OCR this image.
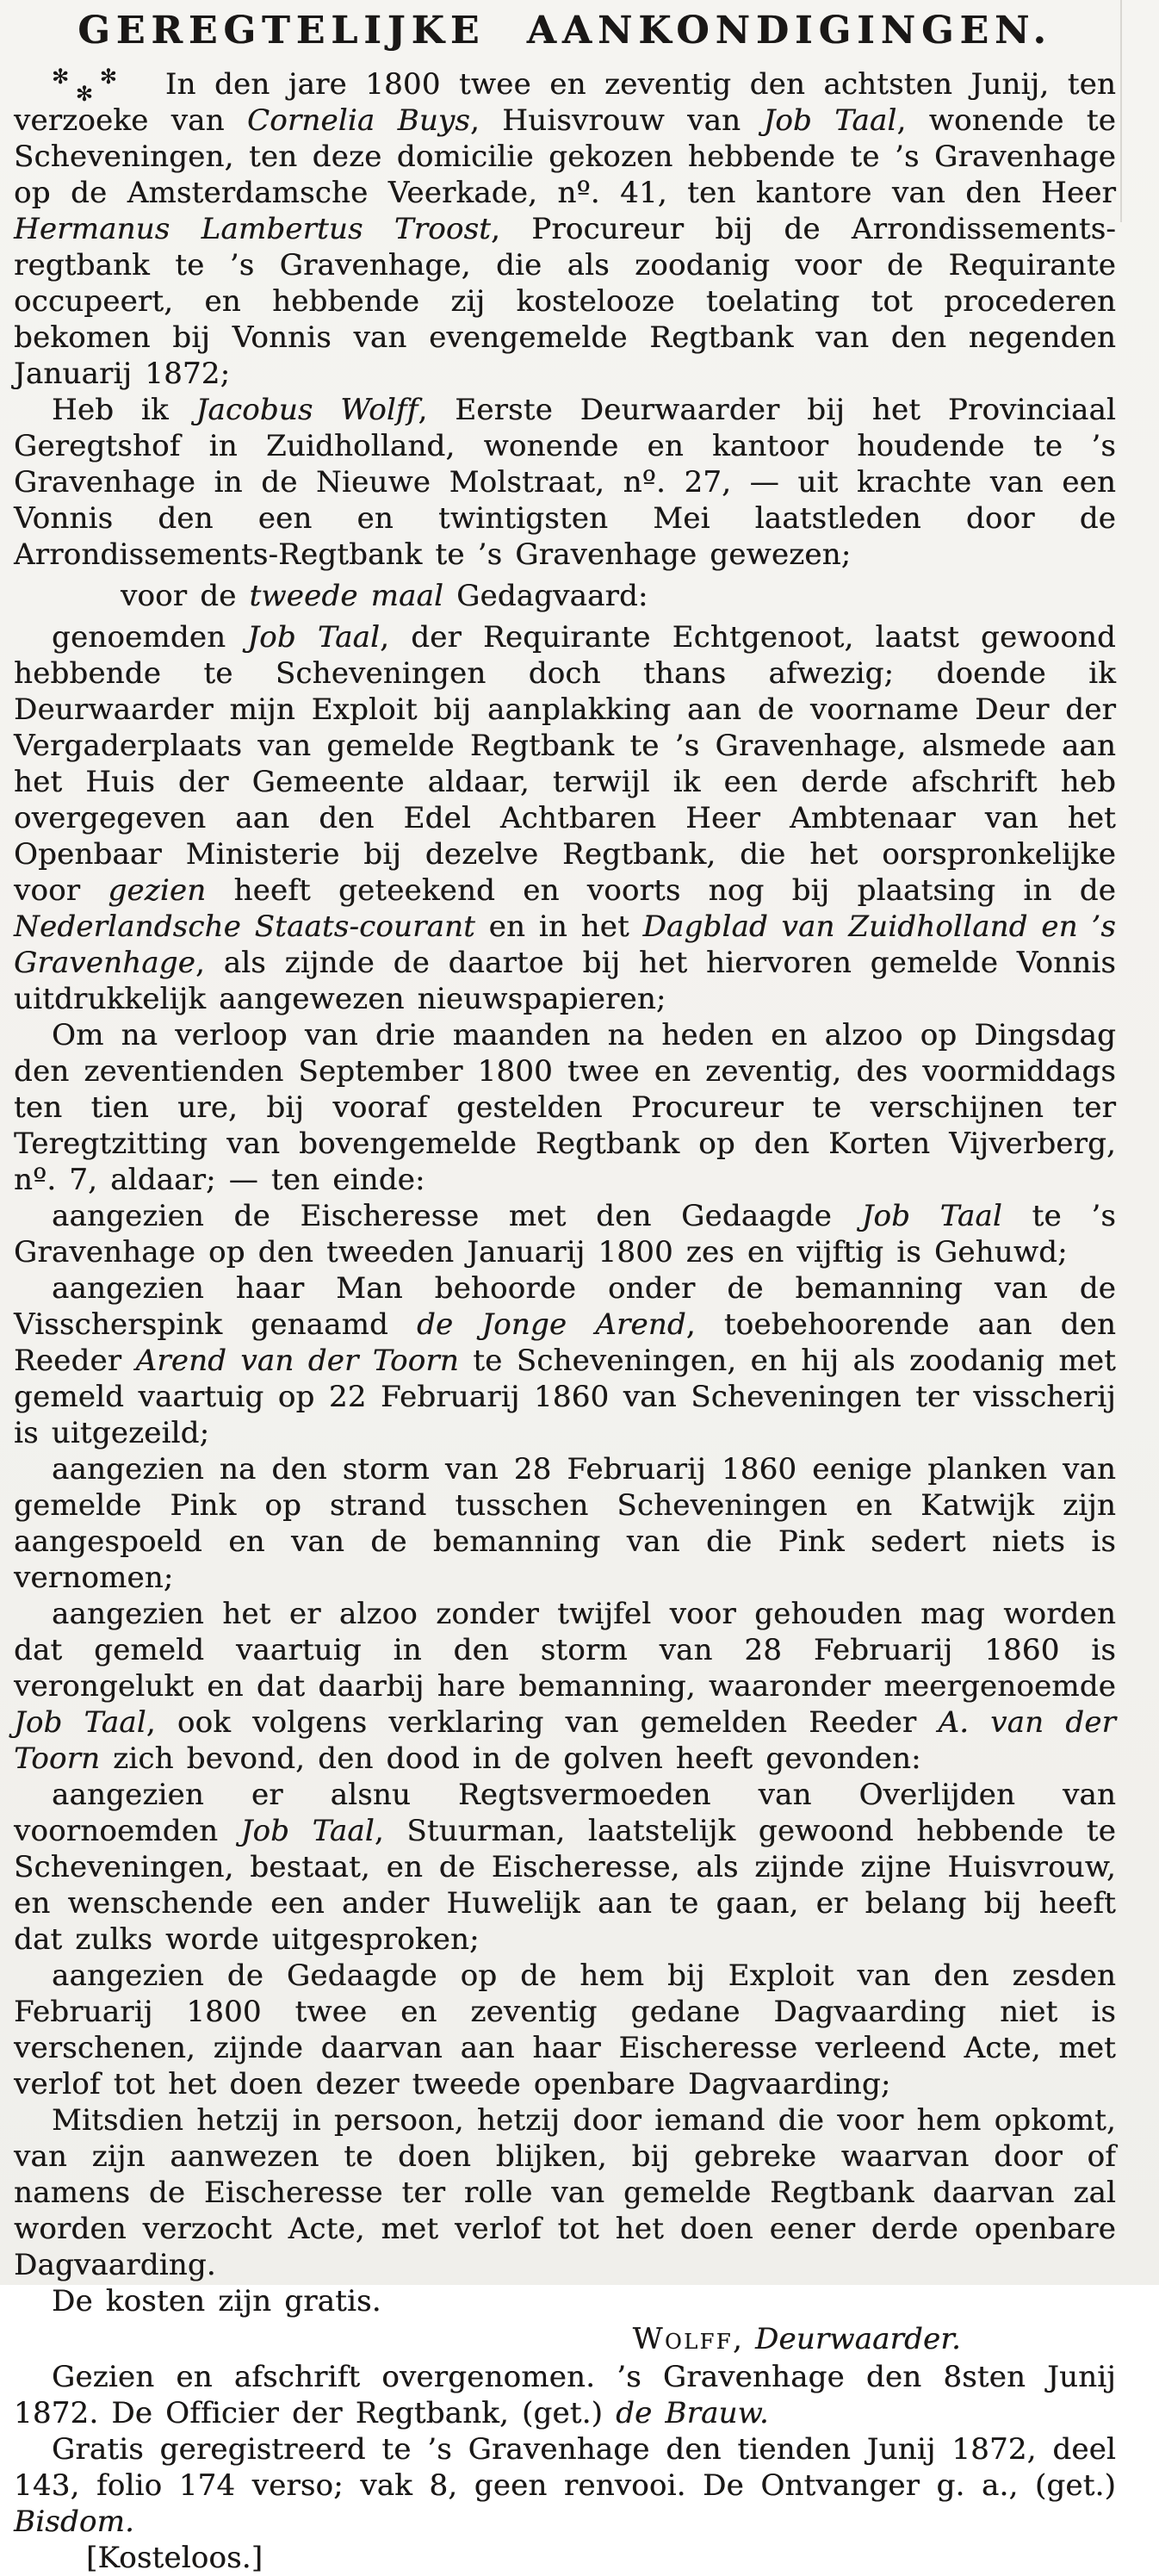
GEREGTELIJKE AANKONDIGINGEN.

✻ ✻
✻	In den jare 1800 twee en zeventig den achtsten Junij, ten verzoeke van Cornelia Buys, Huisvrouw van Job Taal, wonende te Scheveningen, ten deze domicilie gekozen hebbende te ’s Gravenhage op de Amsterdamsche Veerkade, nº. 41, ten kantore van den Heer Hermanus Lambertus Troost, Procureur bij de Arrondissements-regtbank te ’s Gravenhage, die als zoodanig voor de Requirante occupeert, en hebbende zij kostelooze toelating tot procederen bekomen bij Vonnis van evengemelde Regtbank van den negenden Januarij 1872;

Heb ik Jacobus Wolff, Eerste Deurwaarder bij het Provinciaal Geregtshof in Zuidholland, wonende en kantoor houdende te ’s Gravenhage in de Nieuwe Molstraat, nº. 27, — uit krachte van een Vonnis den een en twintigsten Mei laatstleden door de Arrondissements-Regtbank te ’s Gravenhage gewezen;

voor de tweede maal Gedagvaard:

genoemden Job Taal, der Requirante Echtgenoot, laatst gewoond hebbende te Scheveningen doch thans afwezig; doende ik Deurwaarder mijn Exploit bij aanplakking aan de voorname Deur der Vergaderplaats van gemelde Regtbank te ’s Gravenhage, alsmede aan het Huis der Gemeente aldaar, terwijl ik een derde afschrift heb overgegeven aan den Edel Achtbaren Heer Ambtenaar van het Openbaar Ministerie bij dezelve Regtbank, die het oorspronkelijke voor gezien heeft geteekend en voorts nog bij plaatsing in de Nederlandsche Staats-courant en in het Dagblad van Zuidholland en ’s Gravenhage, als zijnde de daartoe bij het hiervoren gemelde Vonnis uitdrukkelijk aangewezen nieuwspapieren;

Om na verloop van drie maanden na heden en alzoo op Dingsdag den zeventienden September 1800 twee en zeventig, des voormiddags ten tien ure, bij vooraf gestelden Procureur te verschijnen ter Teregtzitting van bovengemelde Regtbank op den Korten Vijverberg, nº. 7, aldaar; — ten einde:

aangezien de Eischeresse met den Gedaagde Job Taal te ’s Gravenhage op den tweeden Januarij 1800 zes en vijftig is Gehuwd;

aangezien haar Man behoorde onder de bemanning van de Visscherspink genaamd de Jonge Arend, toebehoorende aan den Reeder Arend van der Toorn te Scheveningen, en hij als zoodanig met gemeld vaartuig op 22 Februarij 1860 van Scheveningen ter visscherij is uitgezeild;

aangezien na den storm van 28 Februarij 1860 eenige planken van gemelde Pink op strand tusschen Scheveningen en Katwijk zijn aangespoeld en van de bemanning van die Pink sedert niets is vernomen;

aangezien het er alzoo zonder twijfel voor gehouden mag worden dat gemeld vaartuig in den storm van 28 Februarij 1860 is verongelukt en dat daarbij hare bemanning, waaronder meergenoemde Job Taal, ook volgens verklaring van gemelden Reeder A. van der Toorn zich bevond, den dood in de golven heeft gevonden:

aangezien er alsnu Regtsvermoeden van Overlijden van voornoemden Job Taal, Stuurman, laatstelijk gewoond hebbende te Scheveningen, bestaat, en de Eischeresse, als zijnde zijne Huisvrouw, en wenschende een ander Huwelijk aan te gaan, er belang bij heeft dat zulks worde uitgesproken;

aangezien de Gedaagde op de hem bij Exploit van den zesden Februarij 1800 twee en zeventig gedane Dagvaarding niet is verschenen, zijnde daarvan aan haar Eischeresse verleend Acte, met verlof tot het doen dezer tweede openbare Dagvaarding;

Mitsdien hetzij in persoon, hetzij door iemand die voor hem opkomt, van zijn aanwezen te doen blijken, bij gebreke waarvan door of namens de Eischeresse ter rolle van gemelde Regtbank daarvan zal worden verzocht Acte, met verlof tot het doen eener derde openbare Dagvaarding.

De kosten zijn gratis.

Wolff, Deurwaarder.

Gezien en afschrift overgenomen. ’s Gravenhage den 8sten Junij 1872. De Officier der Regtbank, (get.) de Brauw.

Gratis geregistreerd te ’s Gravenhage den tienden Junij 1872, deel 143, folio 174 verso; vak 8, geen renvooi. De Ontvanger g. a., (get.) Bisdom.

[Kosteloos.]
